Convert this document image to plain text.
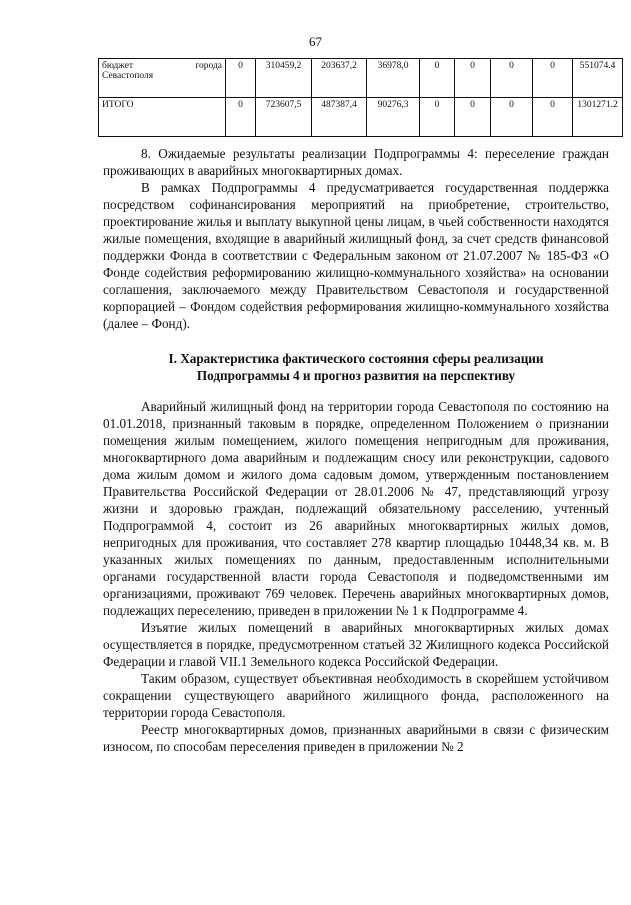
67
бюджет города
Севастополя	0	310459,2	203637,2	36978,0	0	0	0	0	551074.4

ИТОГО	0	723607,5	487387,4	90276,3	0	0	0	0	1301271.2

8. Ожидаемые результаты реализации Подпрограммы 4: переселение граждан проживающих в аварийных многоквартирных домах.

В рамках Подпрограммы 4 предусматривается государственная поддержка посредством софинансирования мероприятий на приобретение, строительство, проектирование жилья и выплату выкупной цены лицам, в чьей собственности находятся жилые помещения, входящие в аварийный жилищный фонд, за счет средств финансовой поддержки Фонда в соответствии с Федеральным законом от 21.07.2007 № 185-ФЗ «О Фонде содействия реформированию жилищно-коммунального хозяйства» на основании соглашения, заключаемого между Правительством Севастополя и государственной корпорацией – Фондом содействия реформирования жилищно-коммунального хозяйства (далее – Фонд).

I. Характеристика фактического состояния сферы реализации
Подпрограммы 4 и прогноз развития на перспективу

Аварийный жилищный фонд на территории города Севастополя по состоянию на 01.01.2018, признанный таковым в порядке, определенном Положением о признании помещения жилым помещением, жилого помещения непригодным для проживания, многоквартирного дома аварийным и подлежащим сносу или реконструкции, садового дома жилым домом и жилого дома садовым домом, утвержденным постановлением Правительства Российской Федерации от 28.01.2006 № 47, представляющий угрозу жизни и здоровью граждан, подлежащий обязательному расселению, учтенный Подпрограммой 4, состоит из 26 аварийных многоквартирных жилых домов, непригодных для проживания, что составляет 278 квартир площадью 10448,34 кв. м. В указанных жилых помещениях по данным, предоставленным исполнительными органами государственной власти города Севастополя и подведомственными им организациями, проживают 769 человек. Перечень аварийных многоквартирных домов, подлежащих переселению, приведен в приложении № 1 к Подпрограмме 4.

Изъятие жилых помещений в аварийных многоквартирных жилых домах осуществляется в порядке, предусмотренном статьей 32 Жилищного кодекса Российской Федерации и главой VII.1 Земельного кодекса Российской Федерации.

Таким образом, существует объективная необходимость в скорейшем устойчивом сокращении существующего аварийного жилищного фонда, расположенного на территории города Севастополя.

Реестр многоквартирных домов, признанных аварийными в связи с физическим износом, по способам переселения приведен в приложении № 2
